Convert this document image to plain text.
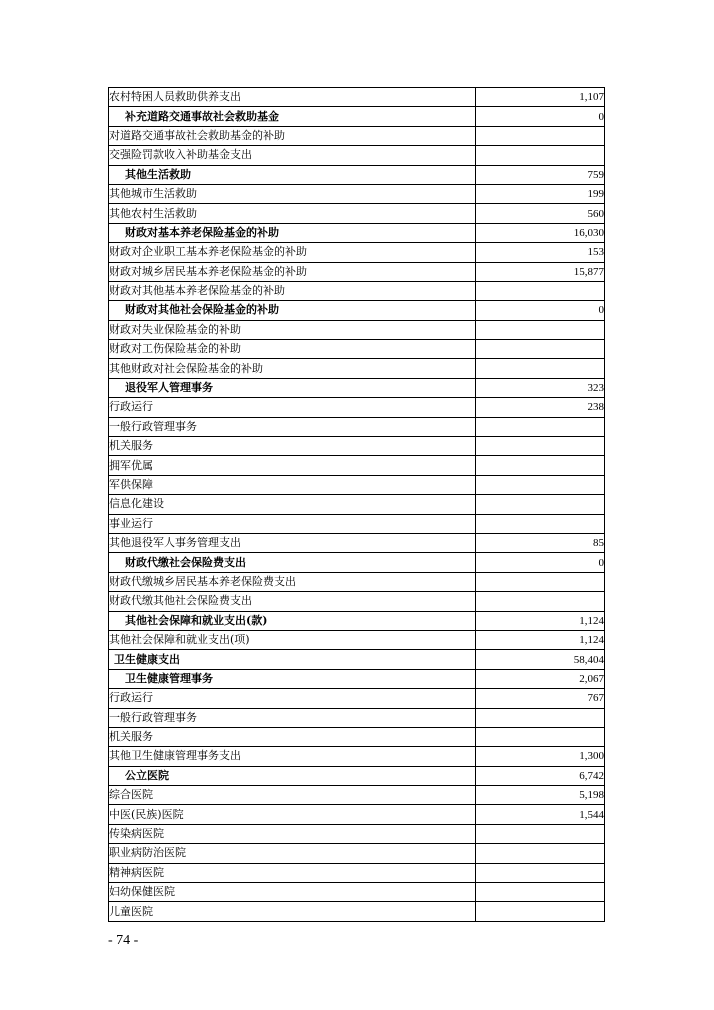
农村特困人员救助供养支出	1,107
补充道路交通事故社会救助基金	0
对道路交通事故社会救助基金的补助	
交强险罚款收入补助基金支出	
其他生活救助	759
其他城市生活救助	199
其他农村生活救助	560
财政对基本养老保险基金的补助	16,030
财政对企业职工基本养老保险基金的补助	153
财政对城乡居民基本养老保险基金的补助	15,877
财政对其他基本养老保险基金的补助	
财政对其他社会保险基金的补助	0
财政对失业保险基金的补助	
财政对工伤保险基金的补助	
其他财政对社会保险基金的补助	
退役军人管理事务	323
行政运行	238
一般行政管理事务	
机关服务	
拥军优属	
军供保障	
信息化建设	
事业运行	
其他退役军人事务管理支出	85
财政代缴社会保险费支出	0
财政代缴城乡居民基本养老保险费支出	
财政代缴其他社会保险费支出	
其他社会保障和就业支出(款)	1,124
其他社会保障和就业支出(项)	1,124
卫生健康支出	58,404
卫生健康管理事务	2,067
行政运行	767
一般行政管理事务	
机关服务	
其他卫生健康管理事务支出	1,300
公立医院	6,742
综合医院	5,198
中医(民族)医院	1,544
传染病医院	
职业病防治医院	
精神病医院	
妇幼保健医院	
儿童医院	
- 74 -
